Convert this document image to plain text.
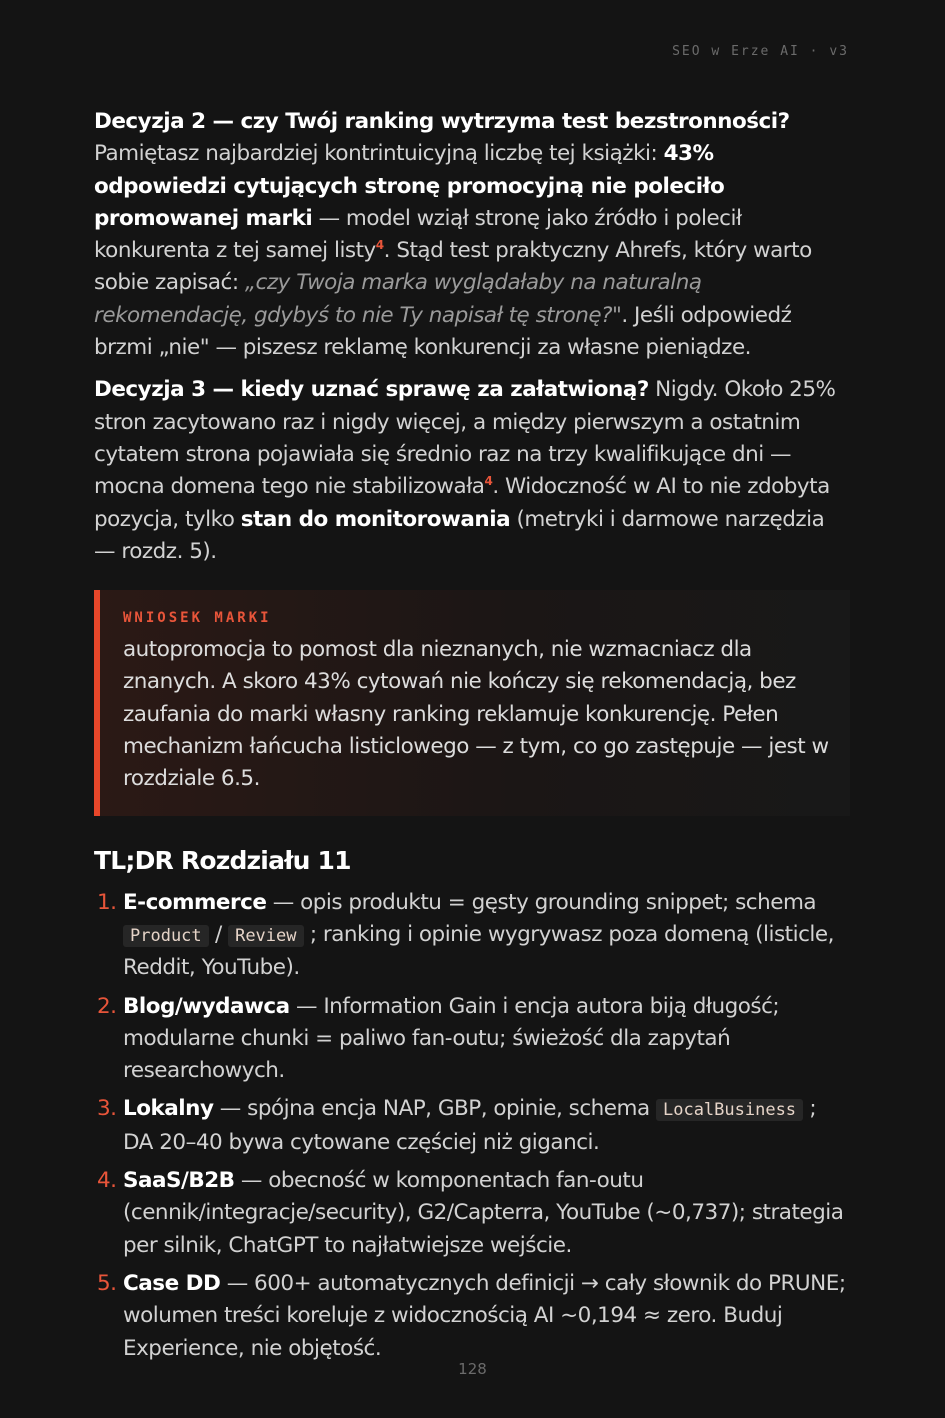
SEO w Erze AI · v3

Decyzja 2 — czy Twój ranking wytrzyma test bezstronności? Pamiętasz najbardziej kontrintuicyjną liczbę tej książki: 43% odpowiedzi cytujących stronę promocyjną nie poleciło promowanej marki — model wziął stronę jako źródło i polecił konkurenta z tej samej listy$^4$. Stąd test praktyczny Ahrefs, który warto sobie zapisać: „czy Twoja marka wyglądałaby na naturalną rekomendację, gdybyś to nie Ty napisał tę stronę?". Jeśli odpowiedź brzmi „nie" — piszesz reklamę konkurencji za własne pieniądze.

Decyzja 3 — kiedy uznać sprawę za załatwioną? Nigdy. Około 25% stron zacytowano raz i nigdy więcej, a między pierwszym a ostatnim cytatem strona pojawiała się średnio raz na trzy kwalifikujące dni — mocna domena tego nie stabilizowała$^4$. Widoczność w AI to nie zdobyta pozycja, tylko stan do monitorowania (metryki i darmowe narzędzia — rozdz. 5).

WNIOSEK MARKI
autopromocja to pomost dla nieznanych, nie wzmacniacz dla znanych. A skoro 43% cytowań nie kończy się rekomendacją, bez zaufania do marki własny ranking reklamuje konkurencję. Pełen mechanizm łańcucha listiclowego — z tym, co go zastępuje — jest w rozdziale 6.5.
TL;DR Rozdziału 11
1. E-commerce — opis produktu = gęsty grounding snippet; schema Product / Review ; ranking i opinie wygrywasz poza domeną (listicle, Reddit, YouTube).
2. Blog/wydawca — Information Gain i encja autora biją długość; modularne chunki = paliwo fan-outu; świeżość dla zapytań researchowych.
3. Lokalny — spójna encja NAP, GBP, opinie, schema LocalBusiness ; DA 20–40 bywa cytowane częściej niż giganci.
4. SaaS/B2B — obecność w komponentach fan-outu (cennik/integracje/security), G2/Capterra, YouTube (~0,737); strategia per silnik, ChatGPT to najłatwiejsze wejście.
5. Case DD — 600+ automatycznych definicji → cały słownik do PRUNE; wolumen treści koreluje z widocznością AI ~0,194 ≈ zero. Buduj Experience, nie objętość.
128
